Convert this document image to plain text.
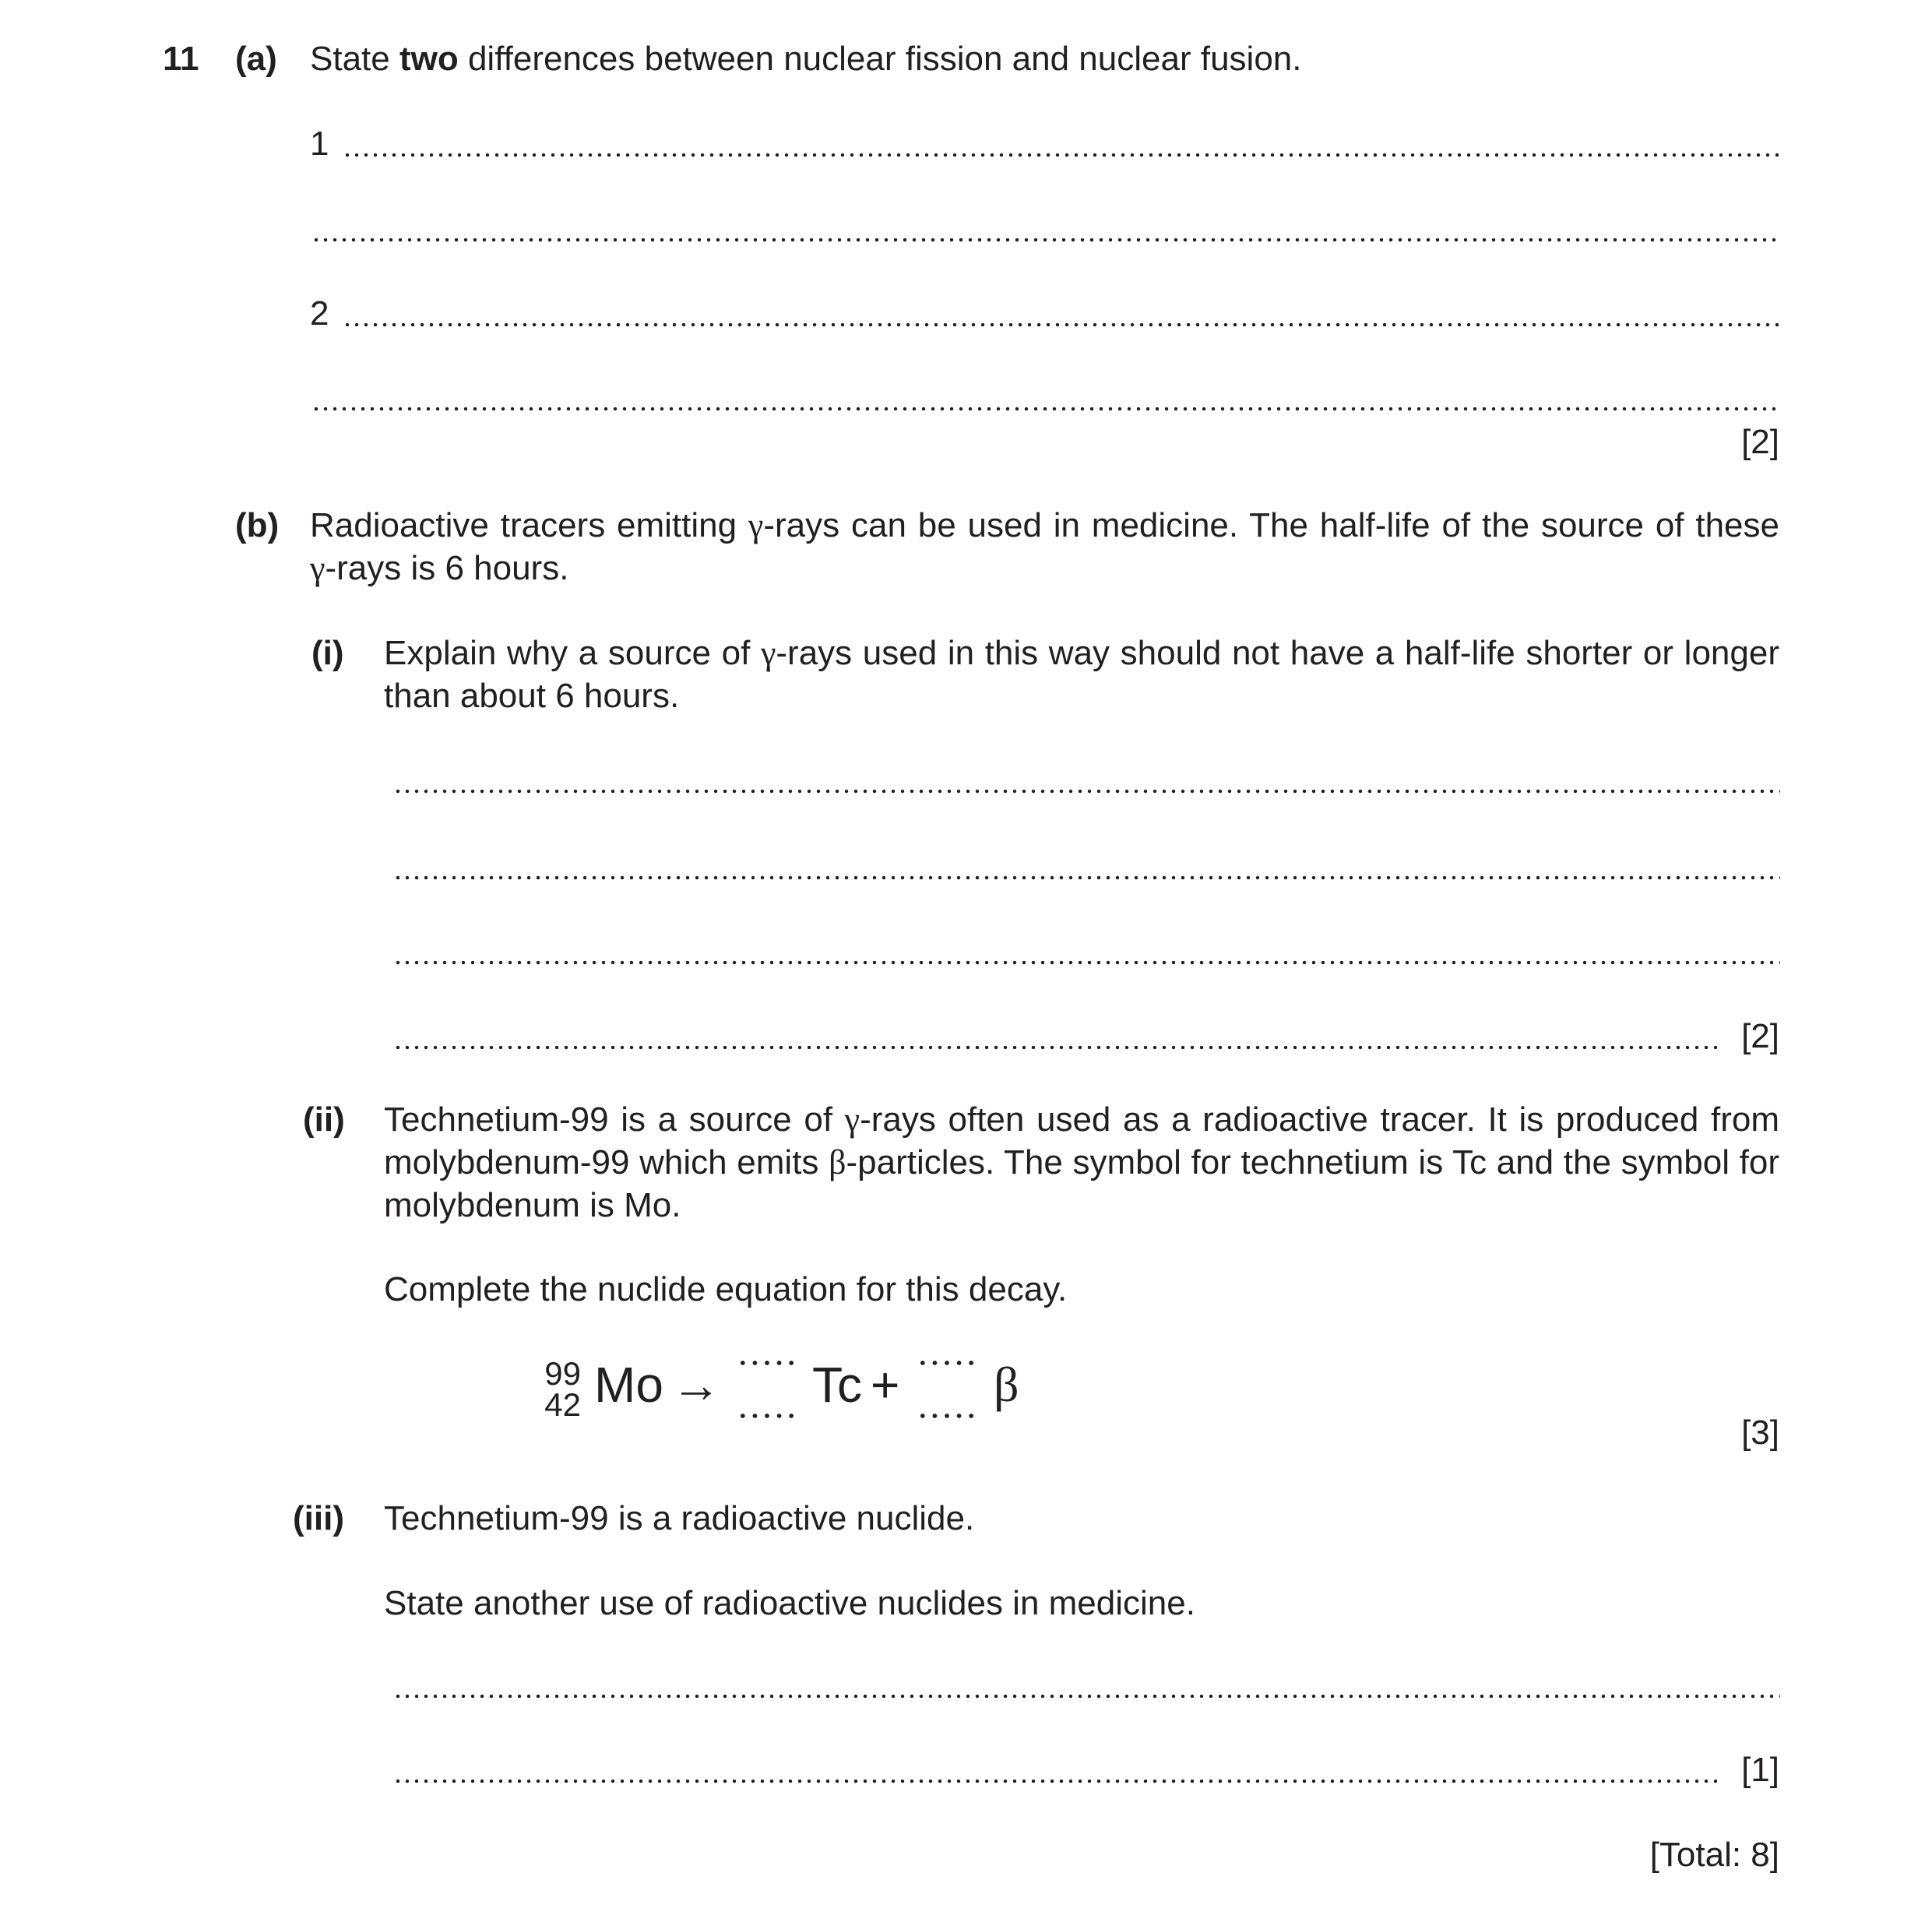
11 (a) State two differences between nuclear fission and nuclear fusion.
1
2
[2]
(b) Radioactive tracers emitting γ-rays can be used in medicine. The half-life of the source of these γ-rays is 6 hours.
(i) Explain why a source of γ-rays used in this way should not have a half-life shorter or longer than about 6 hours.
[2]
(ii) Technetium-99 is a source of γ-rays often used as a radioactive tracer. It is produced from molybdenum-99 which emits β-particles. The symbol for technetium is Tc and the symbol for molybdenum is Mo.
Complete the nuclide equation for this decay.
99
42 Mo → Tc + β
[3]
(iii) Technetium-99 is a radioactive nuclide.
State another use of radioactive nuclides in medicine.
[1]
[Total: 8]
